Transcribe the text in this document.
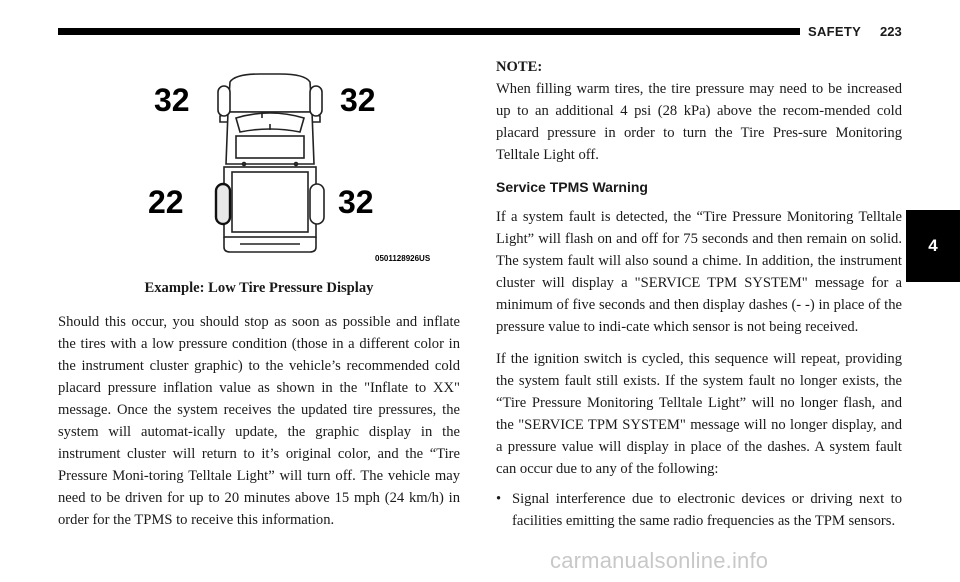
SAFETY 223
4
32	32
22	32
0501128926US
Example: Low Tire Pressure Display

Should this occur, you should stop as soon as possible and inflate the tires with a low pressure condition (those in a different color in the instrument cluster graphic) to the vehicle’s recommended cold placard pressure inflation value as shown in the "Inflate to XX" message. Once the system receives the updated tire pressures, the system will automat-ically update, the graphic display in the instrument cluster will return to it’s original color, and the “Tire Pressure Moni-toring Telltale Light” will turn off. The vehicle may need to be driven for up to 20 minutes above 15 mph (24 km/h) in order for the TPMS to receive this information.

NOTE:

When filling warm tires, the tire pressure may need to be increased up to an additional 4 psi (28 kPa) above the recom-mended cold placard pressure in order to turn the Tire Pres-sure Monitoring Telltale Light off.

Service TPMS Warning

If a system fault is detected, the “Tire Pressure Monitoring Telltale Light” will flash on and off for 75 seconds and then remain on solid. The system fault will also sound a chime. In addition, the instrument cluster will display a "SERVICE TPM SYSTEM" message for a minimum of five seconds and then display dashes (- -) in place of the pressure value to indi-cate which sensor is not being received.

If the ignition switch is cycled, this sequence will repeat, providing the system fault still exists. If the system fault no longer exists, the “Tire Pressure Monitoring Telltale Light” will no longer flash, and the "SERVICE TPM SYSTEM" message will no longer display, and a pressure value will display in place of the dashes. A system fault can occur due to any of the following:

• Signal interference due to electronic devices or driving next to facilities emitting the same radio frequencies as the TPM sensors.
carmanualsonline.info
